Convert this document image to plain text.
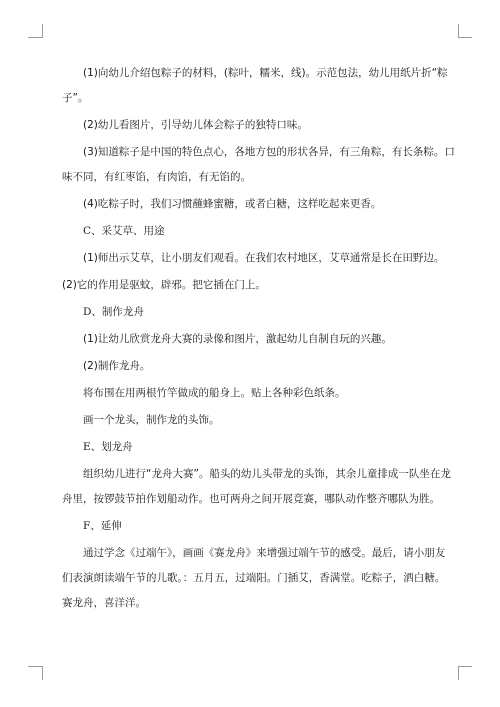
(1)向幼儿介绍包粽子的材料，(粽叶，糯米，线)。示范包法，幼儿用纸片折“粽
子”。
(2)幼儿看图片，引导幼儿体会粽子的独特口味。
(3)知道粽子是中国的特色点心，各地方包的形状各异，有三角粽，有长条粽。口
味不同，有红枣馅，有肉馅，有无馅的。
(4)吃粽子时，我们习惯蘸蜂蜜糖，或者白糖，这样吃起来更香。
C、采艾草、用途
(1)师出示艾草，让小朋友们观看。在我们农村地区，艾草通常是长在田野边。
(2)它的作用是驱蚊，辟邪。把它插在门上。
D、制作龙舟
(1)让幼儿欣赏龙舟大赛的录像和图片，激起幼儿自制自玩的兴趣。
(2)制作龙舟。
将布围在用两根竹竿做成的船身上。贴上各种彩色纸条。
画一个龙头，制作龙的头饰。
E、划龙舟
组织幼儿进行“龙舟大赛”。船头的幼儿头带龙的头饰，其余儿童排成一队坐在龙
舟里，按锣鼓节拍作划船动作。也可两舟之间开展竞赛，哪队动作整齐哪队为胜。
F、延伸
通过学念《过端午》，画画《赛龙舟》来增强过端午节的感受。最后，请小朋友
们表演朗读端午节的儿歌。：五月五，过端阳。门插艾，香满堂。吃粽子，洒白糖。
赛龙舟，喜洋洋。
